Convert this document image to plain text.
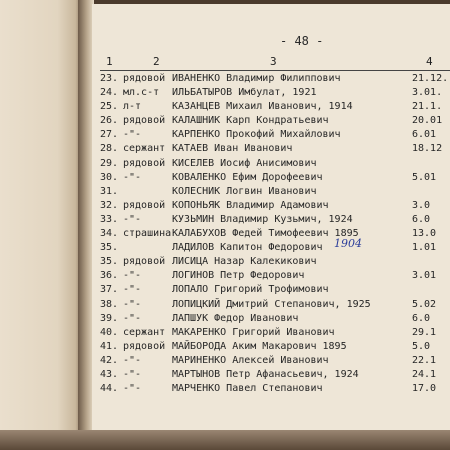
- 48 -
1	2	3	4
23. рядовой ИВАНЕНКО Владимир Филиппович	21.12.
24. мл.с-т ИЛЬБАТЫРОВ Имбулат, 1921	3.01.
25. л-т	КАЗАНЦЕВ Михаил Иванович, 1914	21.1.
26. рядовой КАЛАШНИК Карп Кондратьевич	20.01
27. -"-	КАРПЕНКО Прокофий Михайлович	6.01
28. сержант КАТАЕВ Иван Иванович	18.12
29. рядовой КИСЕЛЕВ Иосиф Анисимович
30. -"-	КОВАЛЕНКО Ефим Дорофеевич	5.01
31.	КОЛЕСНИК Логвин Иванович
32. рядовой КОПОНЬЯК Владимир Адамович	3.0
33. -"-	КУЗЬМИН Владимир Кузьмич, 1924	6.0
34. страшина КАЛАБУХОВ Федей Тимофеевич 1895	13.0
35.	ЛАДИЛОВ Капитон Федорович	1.01
35. рядовой ЛИСИЦА Назар Калекикович
36. -"-	ЛОГИНОВ Петр Федорович	3.01
37. -"-	ЛОПАЛО Григорий Трофимович
38. -"-	ЛОПИЦКИЙ Дмитрий Степанович, 1925	5.02
39. -"-	ЛАПШУК Федор Иванович	6.0
40. сержант МАКАРЕНКО Григорий Иванович	29.1
41. рядовой МАЙБОРОДА Аким Макарович 1895	5.0
42. -"-	МАРИНЕНКО Алексей Иванович	22.1
43. -"-	МАРТЫНОВ Петр Афанасьевич, 1924	24.1
44. -"-	МАРЧЕНКО Павел Степанович	17.0
1904
